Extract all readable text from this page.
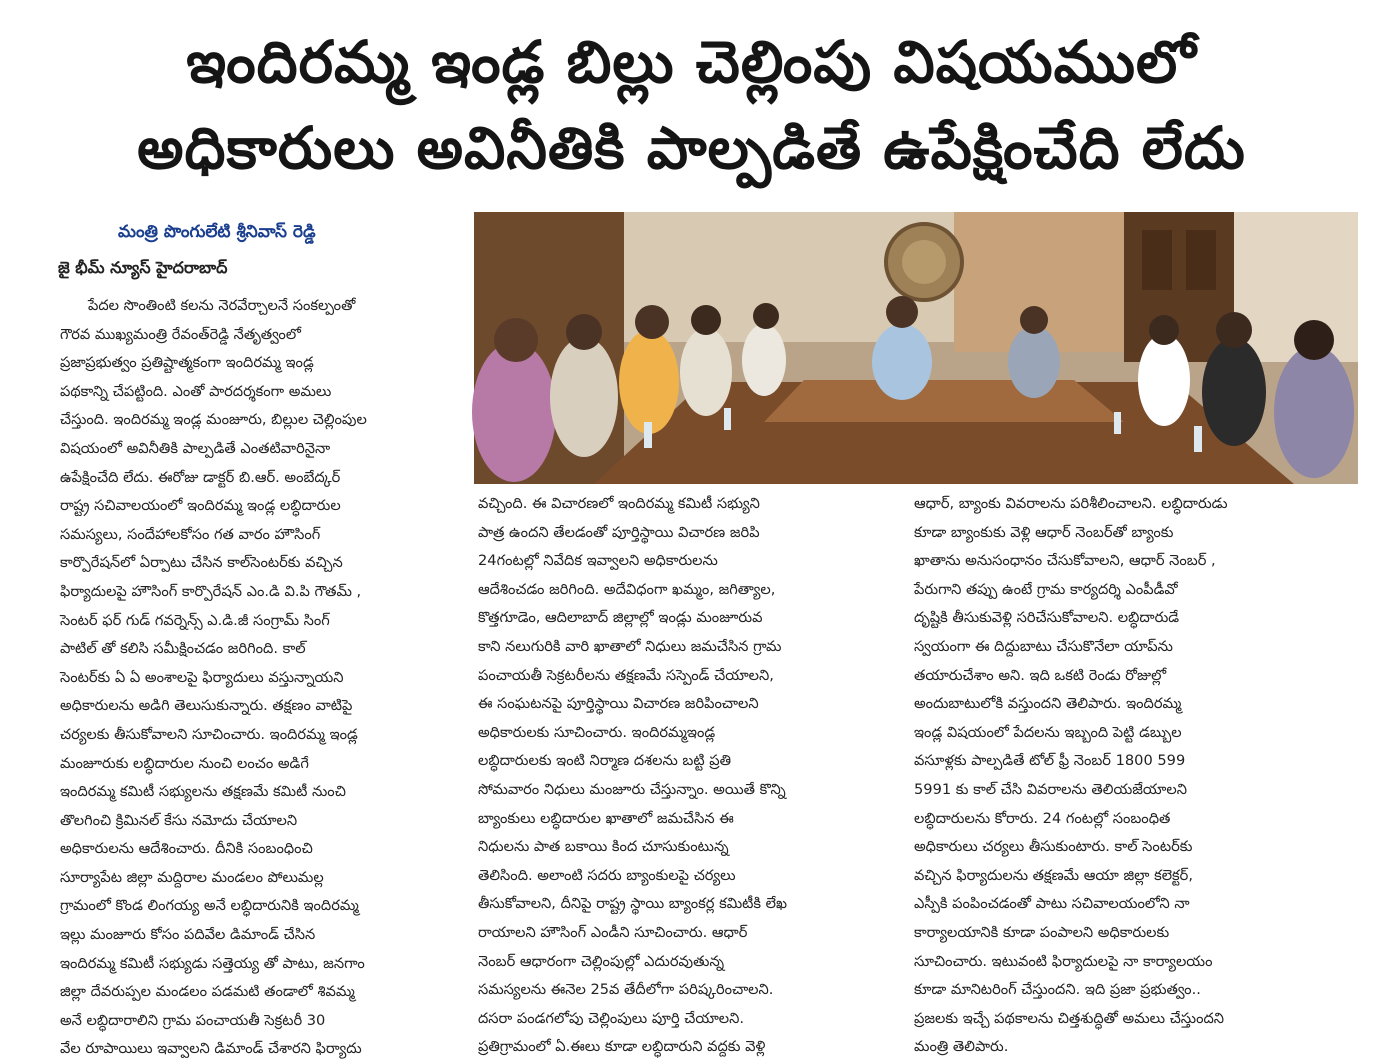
ఇందిరమ్మ ఇండ్ల బిల్లు చెల్లింపు విషయములో
అధికారులు అవినీతికి పాల్పడితే ఉపేక్షించేది లేదు
మంత్రి పొంగులేటి శ్రీనివాస్ రెడ్డి
జై భీమ్ న్యూస్ హైదరాబాద్
పేదల సొంతింటి కలను నెరవేర్చాలనే సంకల్పంతో
గౌరవ ముఖ్యమంత్రి రేవంత్‌రెడ్డి నేతృత్వంలో
ప్రజాప్రభుత్వం ప్రతిష్టాత్మకంగా ఇందిరమ్మ ఇండ్ల
పథకాన్ని చేపట్టింది. ఎంతో పారదర్శకంగా అమలు
చేస్తుంది. ఇందిరమ్మ ఇండ్ల మంజూరు, బిల్లుల చెల్లింపుల
విషయంలో అవినీతికి పాల్పడితే ఎంతటివారినైనా
ఉపేక్షించేది లేదు. ఈరోజు డాక్టర్ బి.ఆర్. అంబేద్కర్
రాష్ట్ర సచివాలయంలో ఇందిరమ్మ ఇండ్ల లబ్ధిదారుల
సమస్యలు, సందేహాలకోసం గత వారం హౌసింగ్
కార్పొరేషన్‌లో ఏర్పాటు చేసిన కాల్‌సెంటర్‌కు వచ్చిన
ఫిర్యాదులపై హౌసింగ్ కార్పొరేషన్ ఎం.డి వి.పి గౌతమ్ ,
సెంటర్ ఫర్ గుడ్ గవర్నెన్స్ ఎ.డి.జీ సంగ్రామ్ సింగ్
పాటిల్ తో కలిసి సమీక్షించడం జరిగింది. కాల్
సెంటర్‌కు ఏ ఏ అంశాలపై ఫిర్యాదులు వస్తున్నాయని
అధికారులను అడిగి తెలుసుకున్నారు. తక్షణం వాటిపై
చర్యలకు తీసుకోవాలని సూచించారు. ఇందిరమ్మ ఇండ్ల
మంజూరుకు లబ్ధిదారుల నుంచి లంచం అడిగే
ఇందిరమ్మ కమిటీ సభ్యులను తక్షణమే కమిటీ నుంచి
తొలగించి క్రిమినల్ కేసు నమోదు చేయాలని
అధికారులను ఆదేశించారు. దీనికి సంబంధించి
సూర్యాపేట జిల్లా మద్దిరాల మండలం పోలుమల్ల
గ్రామంలో కొండ లింగయ్య అనే లబ్ధిదారునికి ఇందిరమ్మ
ఇల్లు మంజూరు కోసం పదివేల డిమాండ్ చేసిన
ఇందిరమ్మ కమిటీ సభ్యుడు సత్తెయ్య తో పాటు, జనగాం
జిల్లా దేవరుప్పల మండలం పడమటి తండాలో శివమ్మ
అనే లబ్ధిదారాలిని గ్రామ పంచాయతీ సెక్రటరీ 30
వేల రూపాయిలు ఇవ్వాలని డిమాండ్ చేశారని ఫిర్యాదు
వచ్చింది. ఈ విచారణలో ఇందిరమ్మ కమిటీ సభ్యుని
పాత్ర ఉందని తేలడంతో పూర్తిస్థాయి విచారణ జరిపి
24గంటల్లో నివేదిక ఇవ్వాలని అధికారులను
ఆదేశించడం జరిగింది. అదేవిధంగా ఖమ్మం, జగిత్యాల,
కొత్తగూడెం, ఆదిలాబాద్ జిల్లాల్లో ఇండ్లు మంజూరువ
కాని నలుగురికి వారి ఖాతాలో నిధులు జమచేసిన గ్రామ
పంచాయతీ సెక్రటరీలను తక్షణమే సస్పెండ్ చేయాలని,
ఈ సంఘటనపై పూర్తిస్థాయి విచారణ జరిపించాలని
అధికారులకు సూచించారు. ఇందిరమ్మఇండ్ల
లబ్ధిదారులకు ఇంటి నిర్మాణ దశలను బట్టి ప్రతి
సోమవారం నిధులు మంజూరు చేస్తున్నాం. అయితే కొన్ని
బ్యాంకులు లబ్ధిదారుల ఖాతాలో జమచేసిన ఈ
నిధులను పాత బకాయి కింద చూసుకుంటున్న
తెలిసింది. అలాంటి సదరు బ్యాంకులపై చర్యలు
తీసుకోవాలని, దీనిపై రాష్ట్ర స్థాయి బ్యాంకర్ల కమిటీకి లేఖ
రాయాలని హౌసింగ్ ఎండీని సూచించారు. ఆధార్
నెంబర్ ఆధారంగా చెల్లింపుల్లో ఎదురవుతున్న
సమస్యలను ఈనెల 25వ తేదీలోగా పరిష్కరించాలని.
దసరా పండగలోపు చెల్లింపులు పూర్తి చేయాలని.
ప్రతిగ్రామంలో ఏ.ఈలు కూడా లబ్ధిదారుని వద్దకు వెళ్లి
ఆధార్, బ్యాంకు వివరాలను పరిశీలించాలని. లబ్ధిదారుడు
కూడా బ్యాంకుకు వెళ్లి ఆధార్ నెంబర్‌తో బ్యాంకు
ఖాతాను అనుసంధానం చేసుకోవాలని, ఆధార్ నెంబర్ ,
పేరుగాని తప్పు ఉంటే గ్రామ కార్యదర్శి ఎంపీడీవో
దృష్టికి తీసుకువెళ్లి సరిచేసుకోవాలని. లబ్ధిదారుడే
స్వయంగా ఈ దిద్దుబాటు చేసుకొనేలా యాప్‌ను
తయారుచేశాం అని. ఇది ఒకటి రెండు రోజుల్లో
అందుబాటులోకి వస్తుందని తెలిపారు. ఇందిరమ్మ
ఇండ్ల విషయంలో పేదలను ఇబ్బంది పెట్టి డబ్బుల
వసూళ్లకు పాల్పడితే టోల్ ఫ్రీ నెంబర్ 1800 599
5991 కు కాల్ చేసి వివరాలను తెలియజేయాలని
లబ్ధిదారులను కోరారు. 24 గంటల్లో సంబంధిత
అధికారులు చర్యలు తీసుకుంటారు. కాల్ సెంటర్‌కు
వచ్చిన ఫిర్యాదులను తక్షణమే ఆయా జిల్లా కలెక్టర్,
ఎస్పీకి పంపించడంతో పాటు సచివాలయంలోని నా
కార్యాలయానికి కూడా పంపాలని అధికారులకు
సూచించారు. ఇటువంటి ఫిర్యాదులపై నా కార్యాలయం
కూడా మానిటరింగ్ చేస్తుందని. ఇది ప్రజా ప్రభుత్వం..
ప్రజలకు ఇచ్చే పథకాలను చిత్తశుద్ధితో అమలు చేస్తుందని
మంత్రి తెలిపారు.
